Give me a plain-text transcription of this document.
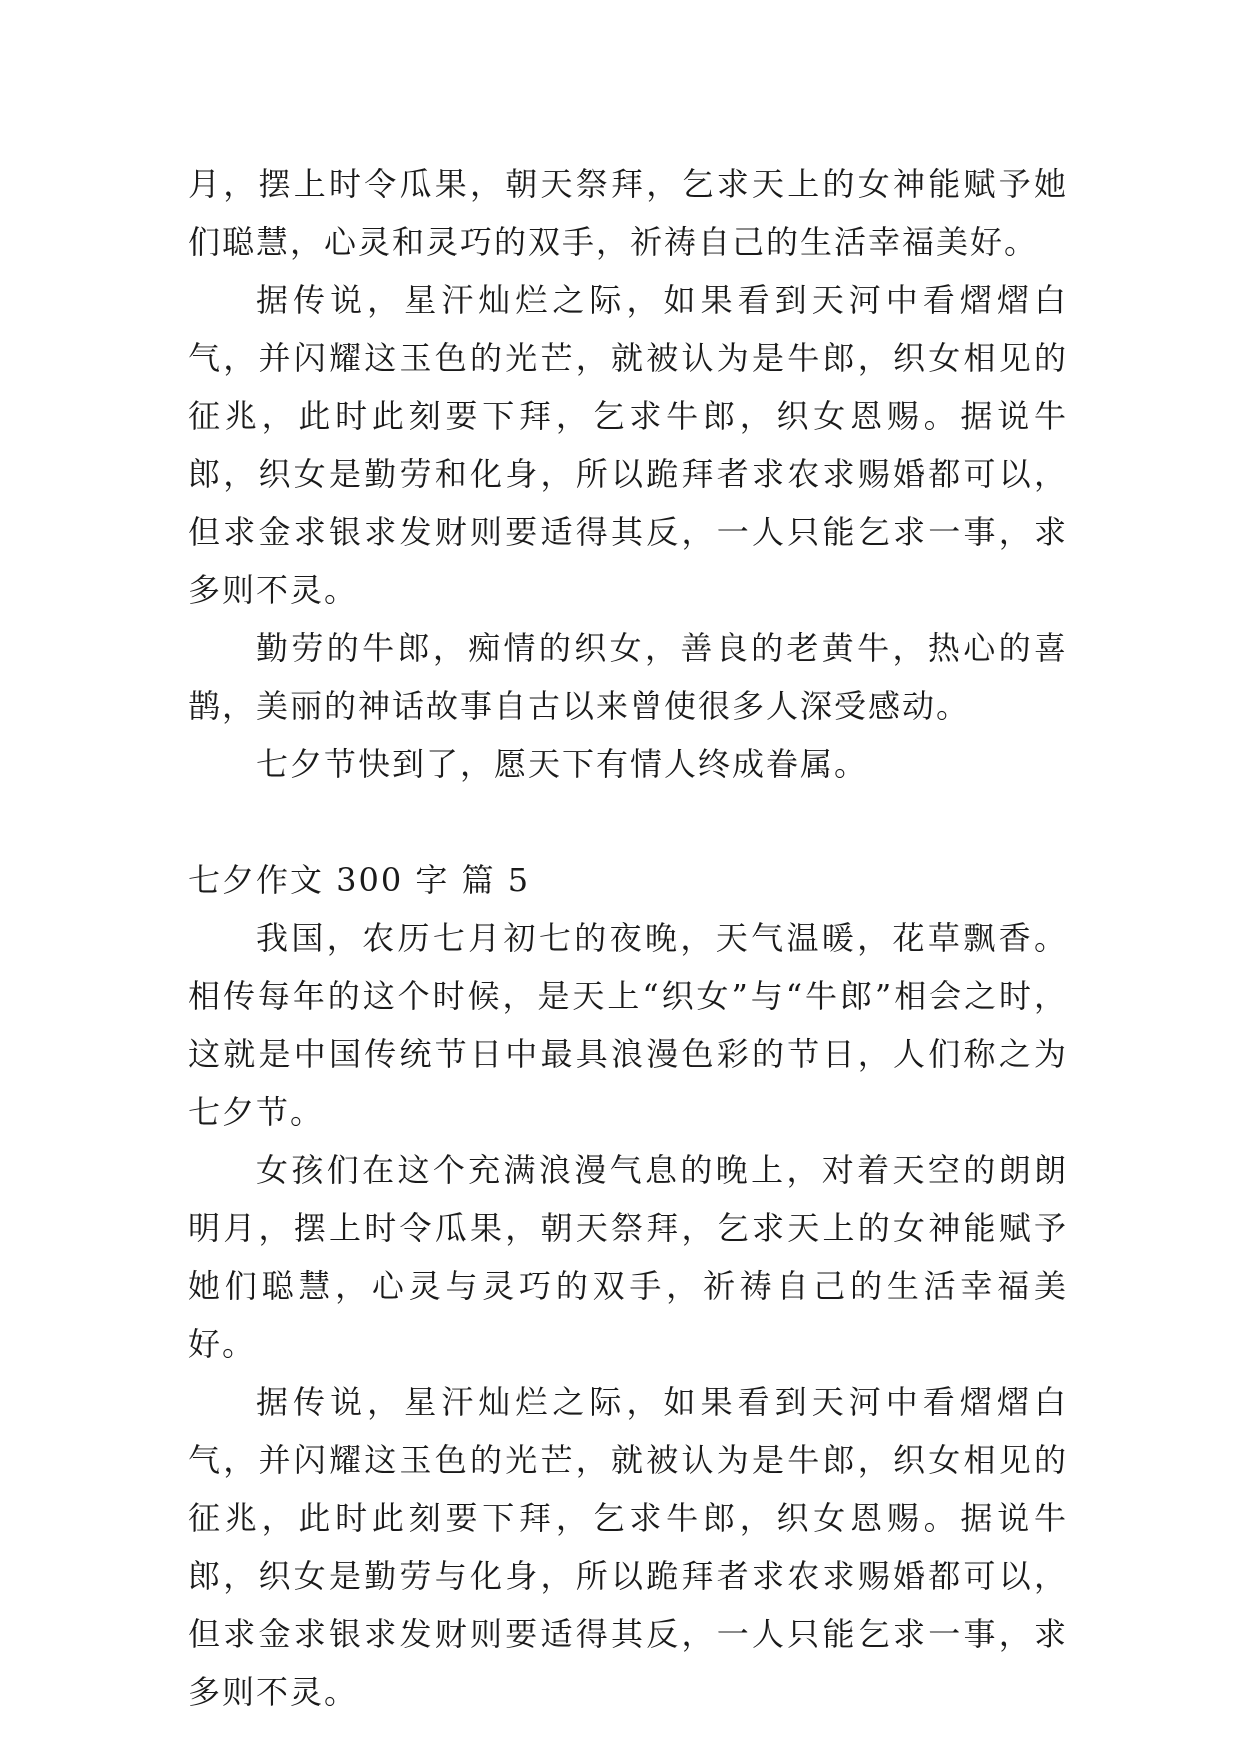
月，摆上时令瓜果，朝天祭拜，乞求天上的女神能赋予她们聪慧，心灵和灵巧的双手，祈祷自己的生活幸福美好。

据传说，星汗灿烂之际，如果看到天河中看熠熠白气，并闪耀这玉色的光芒，就被认为是牛郎，织女相见的征兆，此时此刻要下拜，乞求牛郎，织女恩赐。据说牛郎，织女是勤劳和化身，所以跪拜者求农求赐婚都可以，但求金求银求发财则要适得其反，一人只能乞求一事，求多则不灵。

勤劳的牛郎，痴情的织女，善良的老黄牛，热心的喜鹊，美丽的神话故事自古以来曾使很多人深受感动。

七夕节快到了，愿天下有情人终成眷属。

七夕作文 300 字 篇 5

我国，农历七月初七的夜晚，天气温暖，花草飘香。相传每年的这个时候，是天上“织女”与“牛郎”相会之时，这就是中国传统节日中最具浪漫色彩的节日，人们称之为七夕节。

女孩们在这个充满浪漫气息的晚上，对着天空的朗朗明月，摆上时令瓜果，朝天祭拜，乞求天上的女神能赋予她们聪慧，心灵与灵巧的双手，祈祷自己的生活幸福美好。

据传说，星汗灿烂之际，如果看到天河中看熠熠白气，并闪耀这玉色的光芒，就被认为是牛郎，织女相见的征兆，此时此刻要下拜，乞求牛郎，织女恩赐。据说牛郎，织女是勤劳与化身，所以跪拜者求农求赐婚都可以，但求金求银求发财则要适得其反，一人只能乞求一事，求多则不灵。
